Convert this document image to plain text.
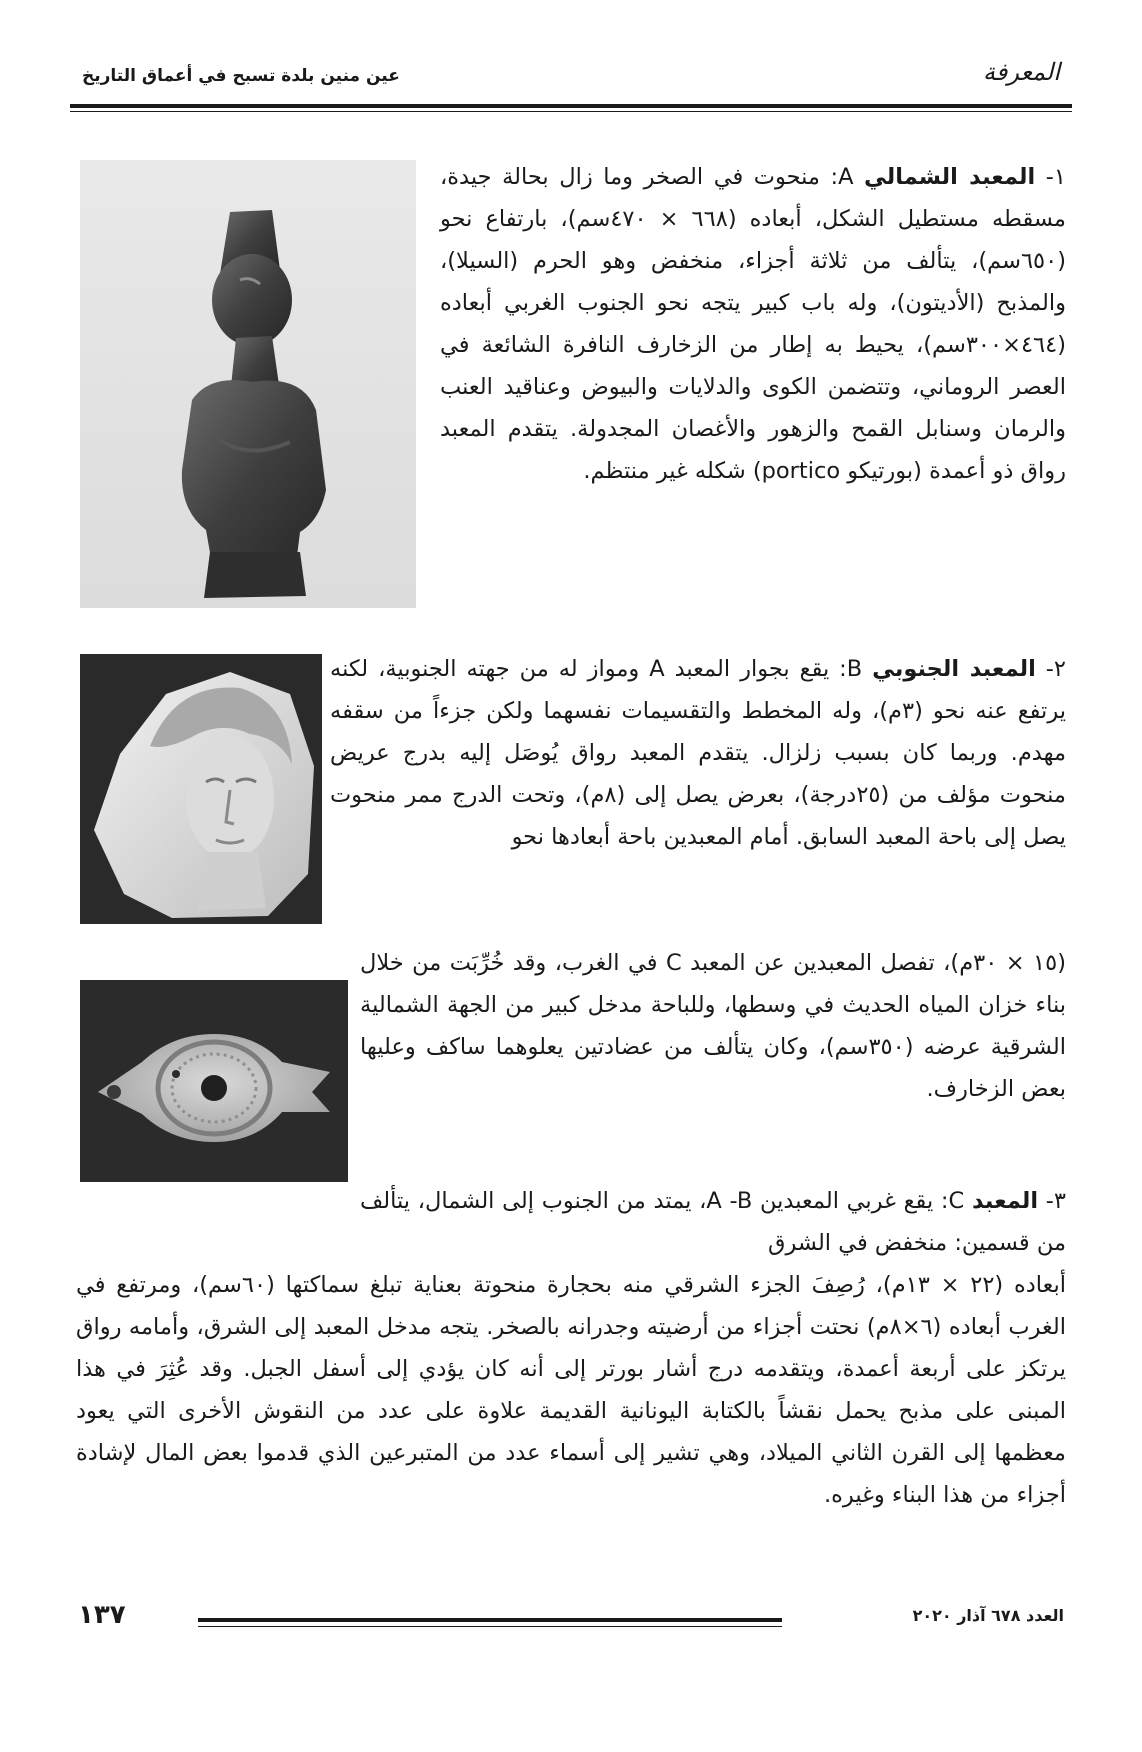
عين منين بلدة تسبح في أعماق التاريخ	المعرفة

١- المعبد الشمالي A: منحوت في الصخر وما زال بحالة جيدة، مسقطه مستطيل الشكل، أبعاده (٦٦٨ × ٤٧٠سم)، بارتفاع نحو (٦٥٠سم)، يتألف من ثلاثة أجزاء، منخفض وهو الحرم (السيلا)، والمذبح (الأديتون)، وله باب كبير يتجه نحو الجنوب الغربي أبعاده (٤٦٤×٣٠٠سم)، يحيط به إطار من الزخارف النافرة الشائعة في العصر الروماني، وتتضمن الكوى والدلايات والبيوض وعناقيد العنب والرمان وسنابل القمح والزهور والأغصان المجدولة. يتقدم المعبد رواق ذو أعمدة (بورتيكو portico) شكله غير منتظم.

٢- المعبد الجنوبي B: يقع بجوار المعبد A ومواز له من جهته الجنوبية، لكنه يرتفع عنه نحو (٣م)، وله المخطط والتقسيمات نفسهما ولكن جزءاً من سقفه مهدم. وربما كان بسبب زلزال. يتقدم المعبد رواق يُوصَل إليه بدرج عريض منحوت مؤلف من (٢٥درجة)، بعرض يصل إلى (٨م)، وتحت الدرج ممر منحوت يصل إلى باحة المعبد السابق. أمام المعبدين باحة أبعادها نحو

(١٥ × ٣٠م)، تفصل المعبدين عن المعبد C في الغرب، وقد خُرِّبَت من خلال بناء خزان المياه الحديث في وسطها، وللباحة مدخل كبير من الجهة الشمالية الشرقية عرضه (٣٥٠سم)، وكان يتألف من عضادتين يعلوهما ساكف وعليها بعض الزخارف.

٣- المعبد C: يقع غربي المعبدين A -B، يمتد من الجنوب إلى الشمال، يتألف من قسمين: منخفض في الشرق

أبعاده (٢٢ × ١٣م)، رُصِفَ الجزء الشرقي منه بحجارة منحوتة بعناية تبلغ سماكتها (٦٠سم)، ومرتفع في الغرب أبعاده (٦×٨م) نحتت أجزاء من أرضيته وجدرانه بالصخر. يتجه مدخل المعبد إلى الشرق، وأمامه رواق يرتكز على أربعة أعمدة، ويتقدمه درج أشار بورتر إلى أنه كان يؤدي إلى أسفل الجبل. وقد عُثِرَ في هذا المبنى على مذبح يحمل نقشاً بالكتابة اليونانية القديمة علاوة على عدد من النقوش الأخرى التي يعود معظمها إلى القرن الثاني الميلاد، وهي تشير إلى أسماء عدد من المتبرعين الذي قدموا بعض المال لإشادة أجزاء من هذا البناء وغيره.

١٣٧	العدد ٦٧٨ آذار ٢٠٢٠
